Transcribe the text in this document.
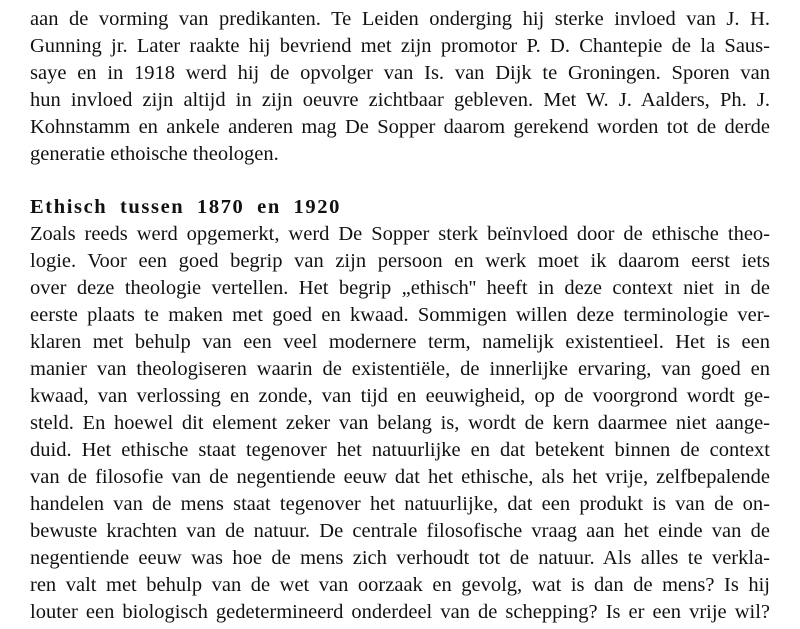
aan de vorming van predikanten. Te Leiden onderging hij sterke invloed van J. H.
Gunning jr. Later raakte hij bevriend met zijn promotor P. D. Chantepie de la Saus-
saye en in 1918 werd hij de opvolger van Is. van Dijk te Groningen. Sporen van
hun invloed zijn altijd in zijn oeuvre zichtbaar gebleven. Met W. J. Aalders, Ph. J.
Kohnstamm en ankele anderen mag De Sopper daarom gerekend worden tot de derde
generatie ethoische theologen.
Ethisch tussen 1870 en 1920
Zoals reeds werd opgemerkt, werd De Sopper sterk beïnvloed door de ethische theo-
logie. Voor een goed begrip van zijn persoon en werk moet ik daarom eerst iets
over deze theologie vertellen. Het begrip „ethisch'' heeft in deze context niet in de
eerste plaats te maken met goed en kwaad. Sommigen willen deze terminologie ver-
klaren met behulp van een veel modernere term, namelijk existentieel. Het is een
manier van theologiseren waarin de existentiële, de innerlijke ervaring, van goed en
kwaad, van verlossing en zonde, van tijd en eeuwigheid, op de voorgrond wordt ge-
steld. En hoewel dit element zeker van belang is, wordt de kern daarmee niet aange-
duid. Het ethische staat tegenover het natuurlijke en dat betekent binnen de context
van de filosofie van de negentiende eeuw dat het ethische, als het vrije, zelfbepalende
handelen van de mens staat tegenover het natuurlijke, dat een produkt is van de on-
bewuste krachten van de natuur. De centrale filosofische vraag aan het einde van de
negentiende eeuw was hoe de mens zich verhoudt tot de natuur. Als alles te verkla-
ren valt met behulp van de wet van oorzaak en gevolg, wat is dan de mens? Is hij
louter een biologisch gedetermineerd onderdeel van de schepping? Is er een vrije wil?
